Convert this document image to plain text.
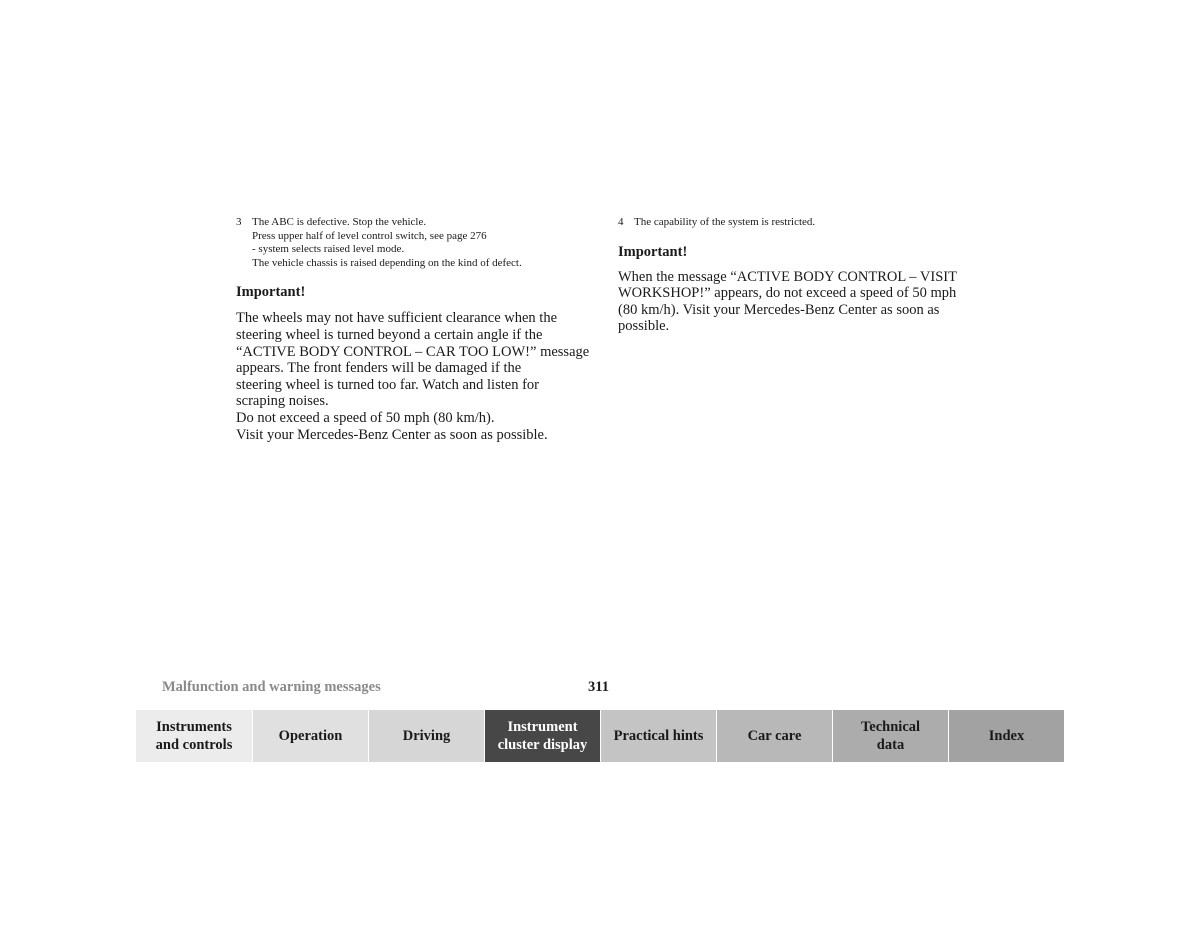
3 The ABC is defective. Stop the vehicle.
Press upper half of level control switch, see page 276
- system selects raised level mode.
The vehicle chassis is raised depending on the kind of defect.

Important!

The wheels may not have sufficient clearance when the
steering wheel is turned beyond a certain angle if the
“ACTIVE BODY CONTROL – CAR TOO LOW!” message
appears. The front fenders will be damaged if the
steering wheel is turned too far. Watch and listen for
scraping noises.
Do not exceed a speed of 50 mph (80 km/h).
Visit your Mercedes-Benz Center as soon as possible.
4 The capability of the system is restricted.

Important!

When the message “ACTIVE BODY CONTROL – VISIT
WORKSHOP!” appears, do not exceed a speed of 50 mph
(80 km/h). Visit your Mercedes-Benz Center as soon as
possible.
Malfunction and warning messages	311
Instruments
and controls
Operation	Driving
Instrument
cluster display
Practical hints	Car care
Technical
data
Index
